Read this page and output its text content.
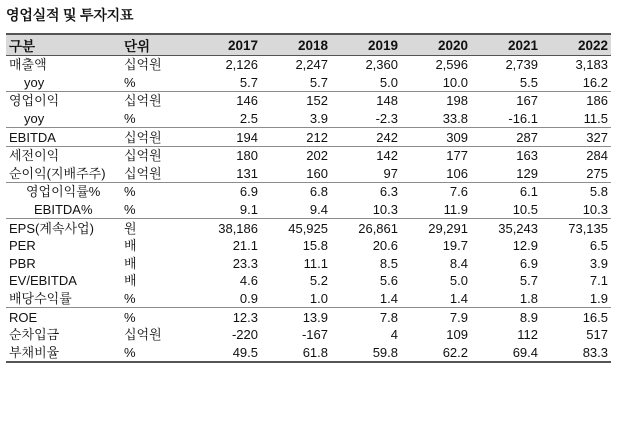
영업실적 및 투자지표
구분	단위	2017	2018	2019	2020	2021	2022
매출액	십억원	2,126	2,247	2,360	2,596	2,739	3,183
yoy	%	5.7	5.7	5.0	10.0	5.5	16.2
영업이익	십억원	146	152	148	198	167	186
yoy	%	2.5	3.9	-2.3	33.8	-16.1	11.5
EBITDA	십억원	194	212	242	309	287	327
세전이익	십억원	180	202	142	177	163	284
순이익(지배주주)	십억원	131	160	97	106	129	275
영업이익률%	%	6.9	6.8	6.3	7.6	6.1	5.8
EBITDA%	%	9.1	9.4	10.3	11.9	10.5	10.3
EPS(계속사업)	원	38,186	45,925	26,861	29,291	35,243	73,135
PER	배	21.1	15.8	20.6	19.7	12.9	6.5
PBR	배	23.3	11.1	8.5	8.4	6.9	3.9
EV/EBITDA	배	4.6	5.2	5.6	5.0	5.7	7.1
배당수익률	%	0.9	1.0	1.4	1.4	1.8	1.9
ROE	%	12.3	13.9	7.8	7.9	8.9	16.5
순차입금	십억원	-220	-167	4	109	112	517
부채비율	%	49.5	61.8	59.8	62.2	69.4	83.3
